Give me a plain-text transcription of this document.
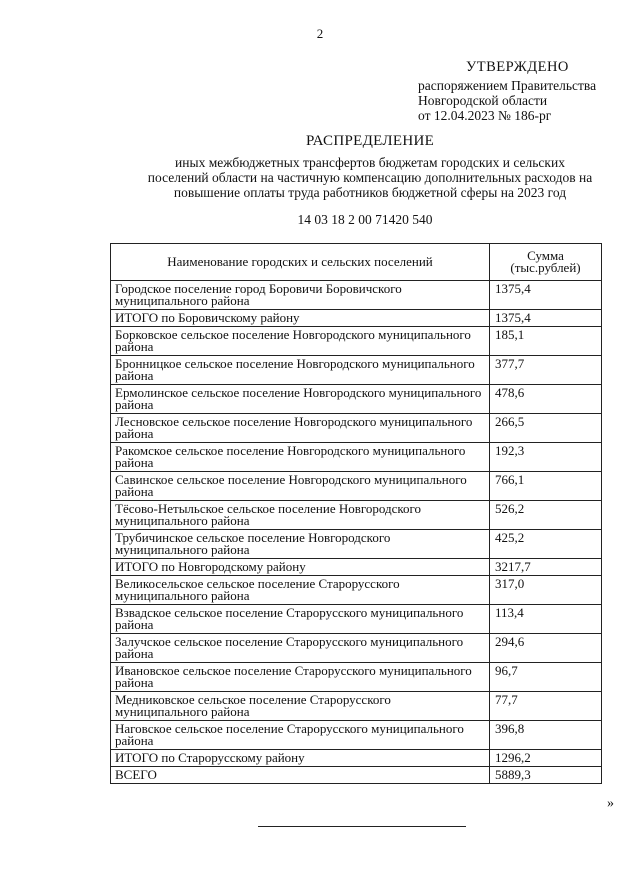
2
УТВЕРЖДЕНО
распоряжением Правительства
Новгородской области
от 12.04.2023 № 186-рг
РАСПРЕДЕЛЕНИЕ
иных межбюджетных трансфертов бюджетам городских и сельских
поселений области на частичную компенсацию дополнительных расходов на
повышение оплаты труда работников бюджетной сферы на 2023 год
14 03 18 2 00 71420 540
Наименование городских и сельских поселений	Сумма
(тыс.рублей)
Городское поселение город Боровичи Боровичского муниципального района	1375,4
ИТОГО по Боровичскому району	1375,4
Борковское сельское поселение Новгородского муниципального района	185,1
Бронницкое сельское поселение Новгородского муниципального района	377,7
Ермолинское сельское поселение Новгородского муниципального района	478,6
Лесновское сельское поселение Новгородского муниципального района	266,5
Ракомское сельское поселение Новгородского муниципального района	192,3
Савинское сельское поселение Новгородского муниципального района	766,1
Тёсово-Нетыльское сельское поселение Новгородского муниципального района	526,2
Трубичинское сельское поселение Новгородского муниципального района	425,2
ИТОГО по Новгородскому району	3217,7
Великосельское сельское поселение Старорусского муниципального района	317,0
Взвадское сельское поселение Старорусского муниципального района	113,4
Залучское сельское поселение Старорусского муниципального района	294,6
Ивановское сельское поселение Старорусского муниципального района	96,7
Медниковское сельское поселение Старорусского муниципального района	77,7
Наговское сельское поселение Старорусского муниципального района	396,8
ИТОГО по Старорусскому району	1296,2
ВСЕГО	5889,3
»
